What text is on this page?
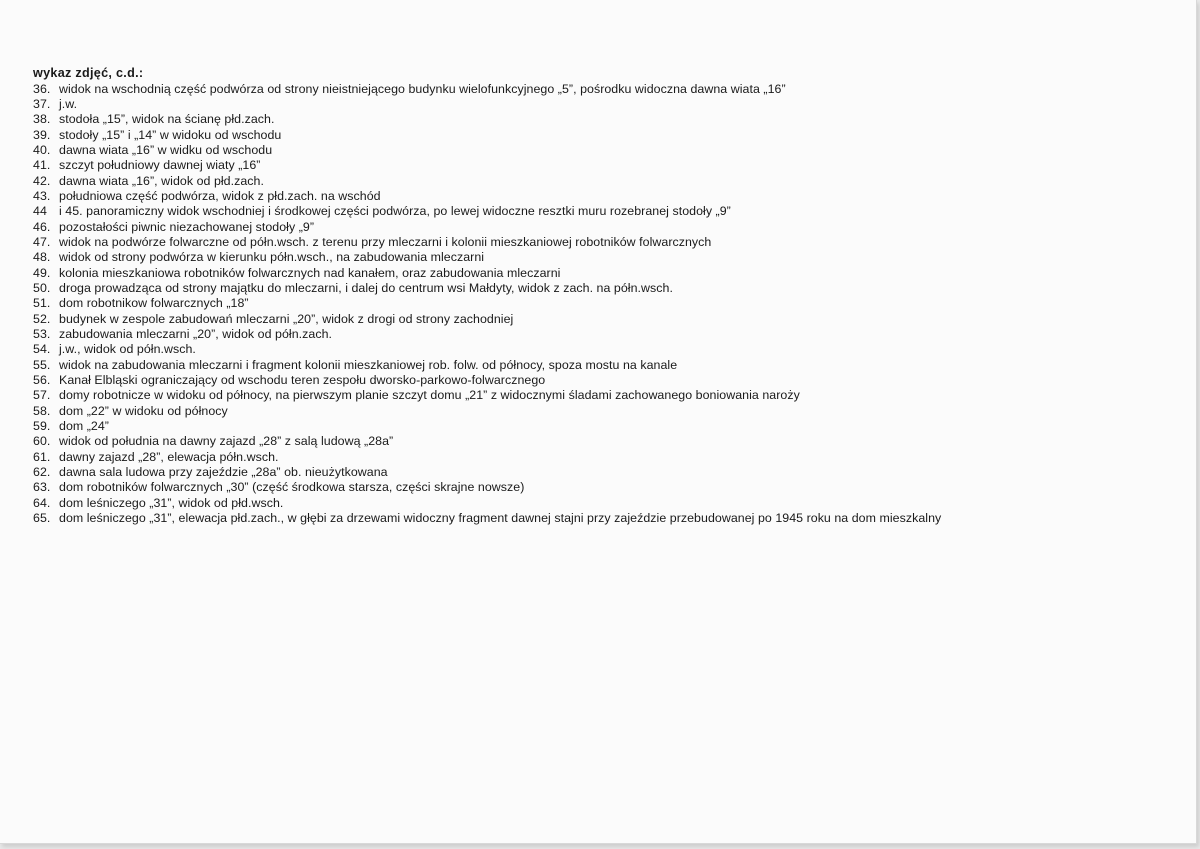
wykaz zdjęć, c.d.:
36. widok na wschodnią część podwórza od strony nieistniejącego budynku wielofunkcyjnego „5”, pośrodku widoczna dawna wiata „16”
37. j.w.
38. stodoła „15”, widok na ścianę płd.zach.
39. stodoły „15” i „14” w widoku od wschodu
40. dawna wiata „16” w widku od wschodu
41. szczyt południowy dawnej wiaty „16”
42. dawna wiata „16”, widok od płd.zach.
43. południowa część podwórza, widok z płd.zach. na wschód
44 i 45. panoramiczny widok wschodniej i środkowej części podwórza, po lewej widoczne resztki muru rozebranej stodoły „9”
46. pozostałości piwnic niezachowanej stodoły „9”
47. widok na podwórze folwarczne od półn.wsch. z terenu przy mleczarni i kolonii mieszkaniowej robotników folwarcznych
48. widok od strony podwórza w kierunku półn.wsch., na zabudowania mleczarni
49. kolonia mieszkaniowa robotników folwarcznych nad kanałem, oraz zabudowania mleczarni
50. droga prowadząca od strony majątku do mleczarni, i dalej do centrum wsi Małdyty, widok z zach. na półn.wsch.
51. dom robotnikow folwarcznych „18”
52. budynek w zespole zabudowań mleczarni „20”, widok z drogi od strony zachodniej
53. zabudowania mleczarni „20”, widok od półn.zach.
54. j.w., widok od półn.wsch.
55. widok na zabudowania mleczarni i fragment kolonii mieszkaniowej rob. folw. od północy, spoza mostu na kanale
56. Kanał Elbląski ograniczający od wschodu teren zespołu dworsko-parkowo-folwarcznego
57. domy robotnicze w widoku od północy, na pierwszym planie szczyt domu „21” z widocznymi śladami zachowanego boniowania naroży
58. dom „22” w widoku od północy
59. dom „24”
60. widok od południa na dawny zajazd „28” z salą ludową „28a”
61. dawny zajazd „28”, elewacja półn.wsch.
62. dawna sala ludowa przy zajeździe „28a” ob. nieużytkowana
63. dom robotników folwarcznych „30” (część środkowa starsza, części skrajne nowsze)
64. dom leśniczego „31”, widok od płd.wsch.
65. dom leśniczego „31”, elewacja płd.zach., w głębi za drzewami widoczny fragment dawnej stajni przy zajeździe przebudowanej po 1945 roku na dom mieszkalny
